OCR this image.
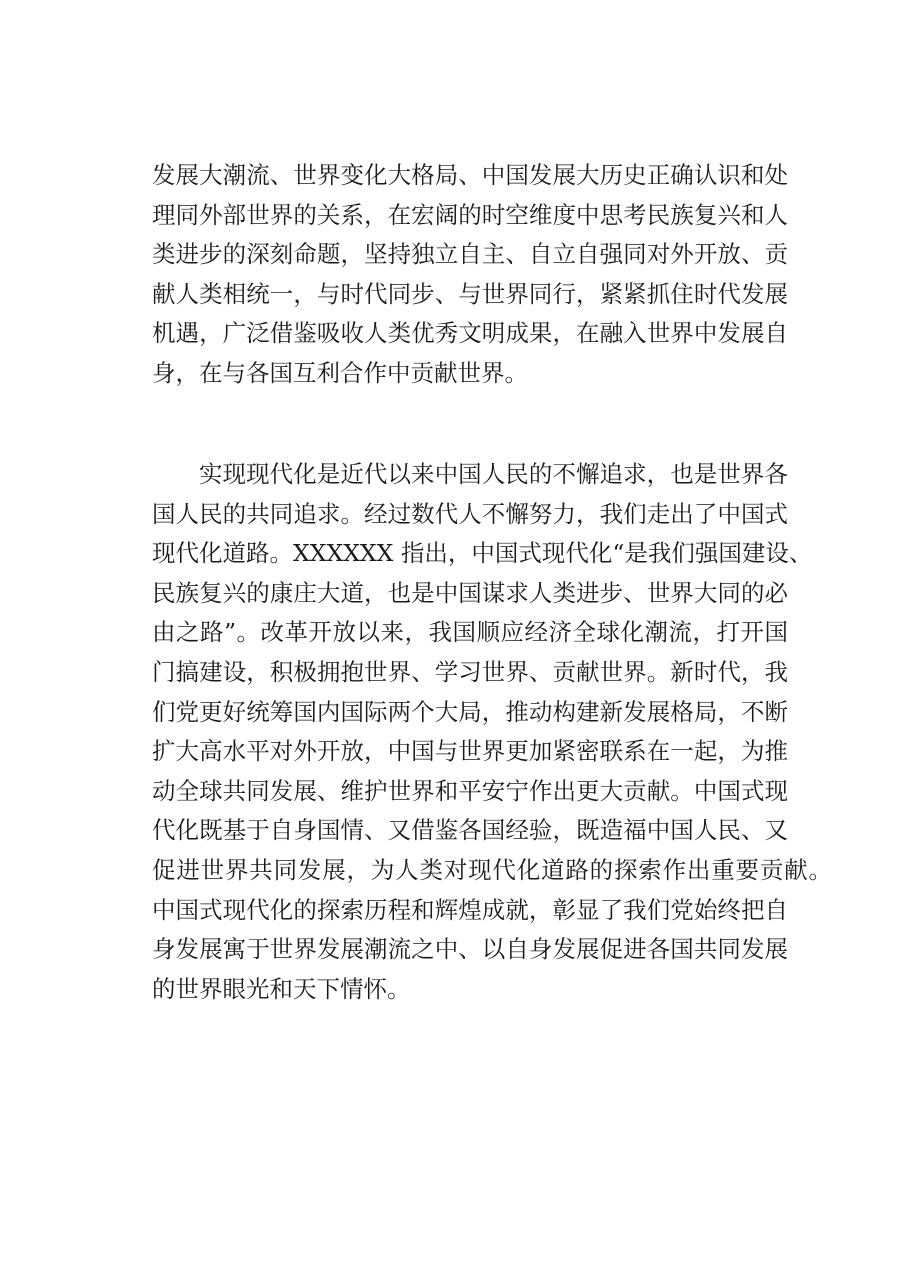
发展大潮流、世界变化大格局、中国发展大历史正确认识和处
理同外部世界的关系，在宏阔的时空维度中思考民族复兴和人
类进步的深刻命题，坚持独立自主、自立自强同对外开放、贡
献人类相统一，与时代同步、与世界同行，紧紧抓住时代发展
机遇，广泛借鉴吸收人类优秀文明成果，在融入世界中发展自
身，在与各国互利合作中贡献世界。
实现现代化是近代以来中国人民的不懈追求，也是世界各
国人民的共同追求。经过数代人不懈努力，我们走出了中国式
现代化道路。XXXXXX 指出，中国式现代化“是我们强国建设、
民族复兴的康庄大道，也是中国谋求人类进步、世界大同的必
由之路”。改革开放以来，我国顺应经济全球化潮流，打开国
门搞建设，积极拥抱世界、学习世界、贡献世界。新时代，我
们党更好统筹国内国际两个大局，推动构建新发展格局，不断
扩大高水平对外开放，中国与世界更加紧密联系在一起，为推
动全球共同发展、维护世界和平安宁作出更大贡献。中国式现
代化既基于自身国情、又借鉴各国经验，既造福中国人民、又
促进世界共同发展，为人类对现代化道路的探索作出重要贡献。
中国式现代化的探索历程和辉煌成就，彰显了我们党始终把自
身发展寓于世界发展潮流之中、以自身发展促进各国共同发展
的世界眼光和天下情怀。
